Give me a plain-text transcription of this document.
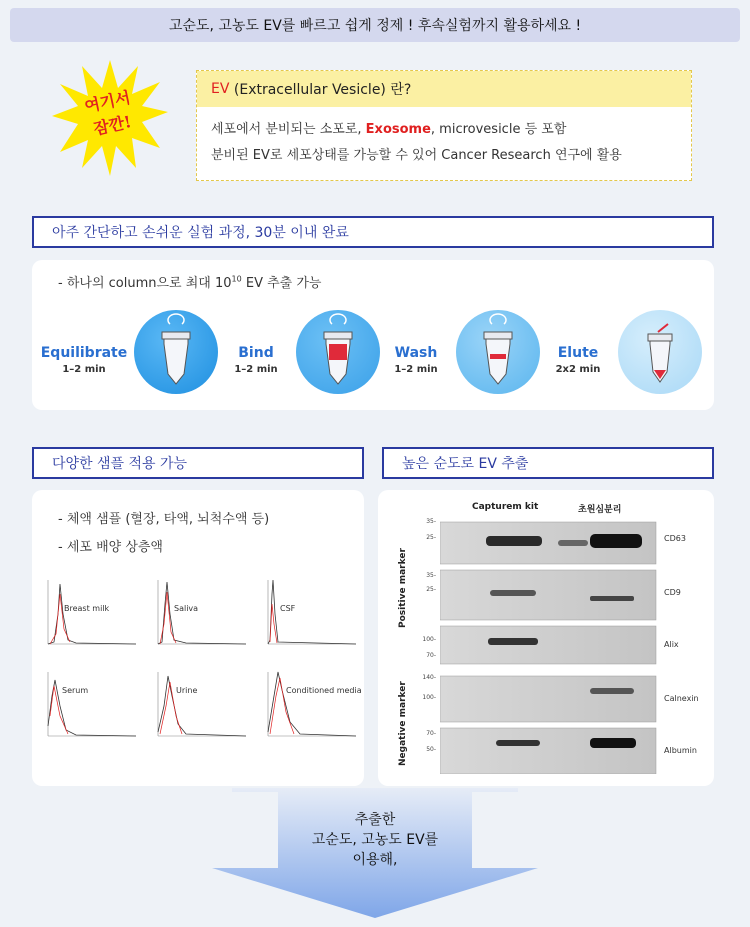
고순도, 고농도 EV를 빠르고 쉽게 정제 ! 후속실험까지 활용하세요 !
여기서
잠깐!
EV (Extracellular Vesicle) 란?
세포에서 분비되는 소포로, Exosome, microvesicle 등 포함
분비된 EV로 세포상태를 가능할 수 있어 Cancer Research 연구에 활용
아주 간단하고 손쉬운 실험 과정, 30분 이내 완료
- 하나의 column으로 최대 $10^{10}$ EV 추출 가능
Equilibrate
1–2 min
Bind
1–2 min
Wash
1–2 min
Elute
2x2 min
다양한 샘플 적용 가능
- 체액 샘플 (혈장, 타액, 뇌척수액 등)
- 세포 배양 상층액
Breast milk	Saliva	CSF
Serum	Urine	Conditioned media
높은 순도로 EV 추출
Capturem kit	초원심분리
Positive marker
Negative marker
35-
25-
35-
25-
100-
70-
140-
100-
70-
50-
CD63
CD9
Alix
Calnexin
Albumin
추출한
고순도, 고농도 EV를
이용해,
